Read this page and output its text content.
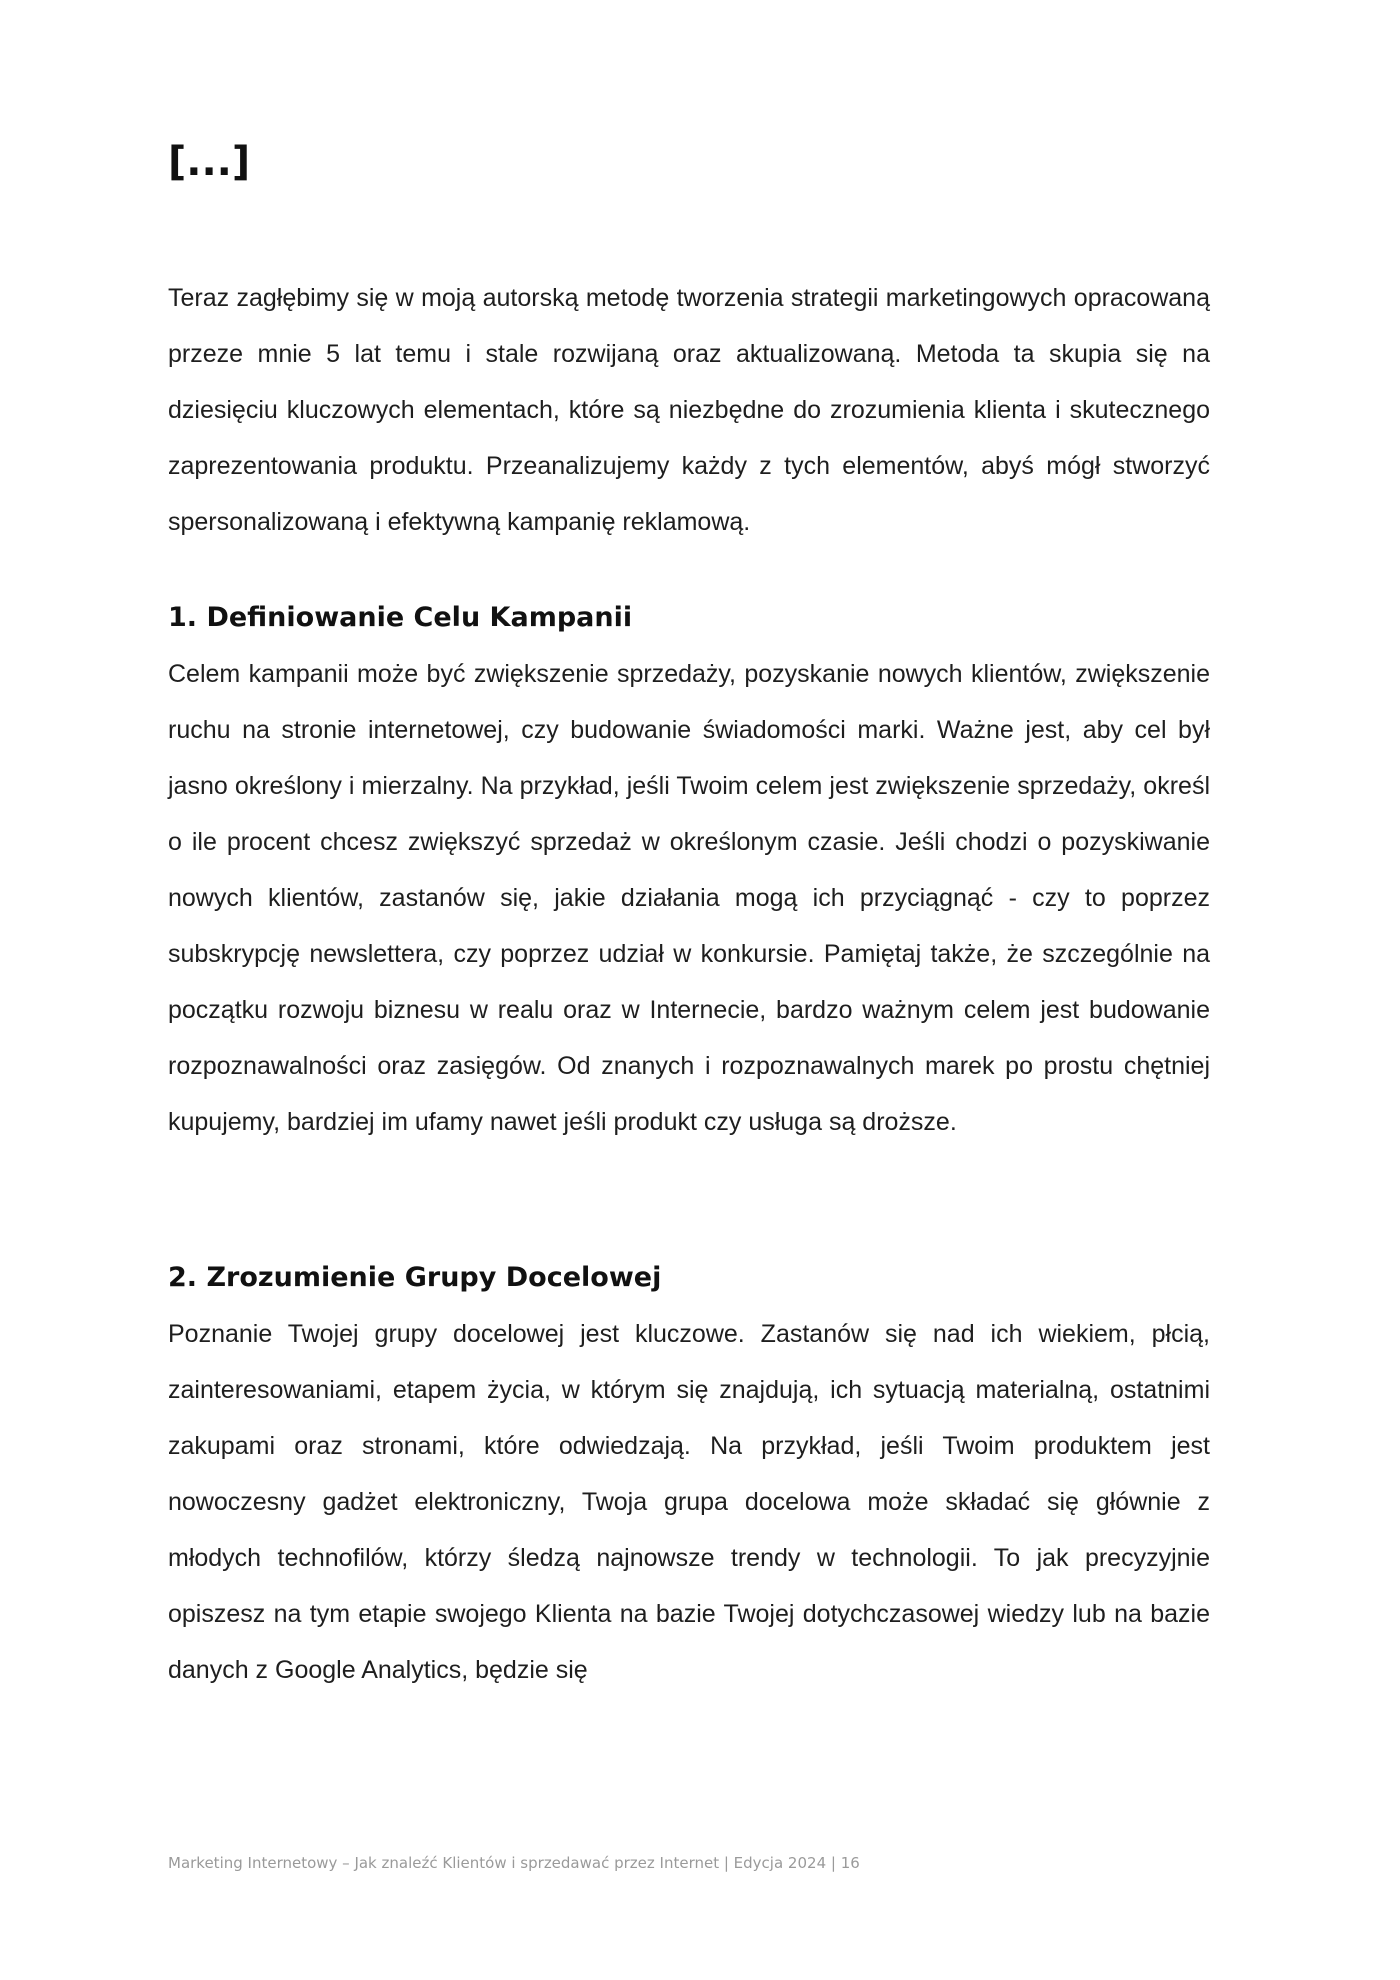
[...]

Teraz zagłębimy się w moją autorską metodę tworzenia strategii marketingowych opracowaną przeze mnie 5 lat temu i stale rozwijaną oraz aktualizowaną. Metoda ta skupia się na dziesięciu kluczowych elementach, które są niezbędne do zrozumienia klienta i skutecznego zaprezentowania produktu. Przeanalizujemy każdy z tych elementów, abyś mógł stworzyć spersonalizowaną i efektywną kampanię reklamową.

1. Definiowanie Celu Kampanii

Celem kampanii może być zwiększenie sprzedaży, pozyskanie nowych klientów, zwiększenie ruchu na stronie internetowej, czy budowanie świadomości marki. Ważne jest, aby cel był jasno określony i mierzalny. Na przykład, jeśli Twoim celem jest zwiększenie sprzedaży, określ o ile procent chcesz zwiększyć sprzedaż w określonym czasie. Jeśli chodzi o pozyskiwanie nowych klientów, zastanów się, jakie działania mogą ich przyciągnąć - czy to poprzez subskrypcję newslettera, czy poprzez udział w konkursie. Pamiętaj także, że szczególnie na początku rozwoju biznesu w realu oraz w Internecie, bardzo ważnym celem jest budowanie rozpoznawalności oraz zasięgów. Od znanych i rozpoznawalnych marek po prostu chętniej kupujemy, bardziej im ufamy nawet jeśli produkt czy usługa są droższe.

2. Zrozumienie Grupy Docelowej

Poznanie Twojej grupy docelowej jest kluczowe. Zastanów się nad ich wiekiem, płcią, zainteresowaniami, etapem życia, w którym się znajdują, ich sytuacją materialną, ostatnimi zakupami oraz stronami, które odwiedzają. Na przykład, jeśli Twoim produktem jest nowoczesny gadżet elektroniczny, Twoja grupa docelowa może składać się głównie z młodych technofilów, którzy śledzą najnowsze trendy w technologii. To jak precyzyjnie opiszesz na tym etapie swojego Klienta na bazie Twojej dotychczasowej wiedzy lub na bazie danych z Google Analytics, będzie się

Marketing Internetowy – Jak znaleźć Klientów i sprzedawać przez Internet | Edycja 2024 | 16
